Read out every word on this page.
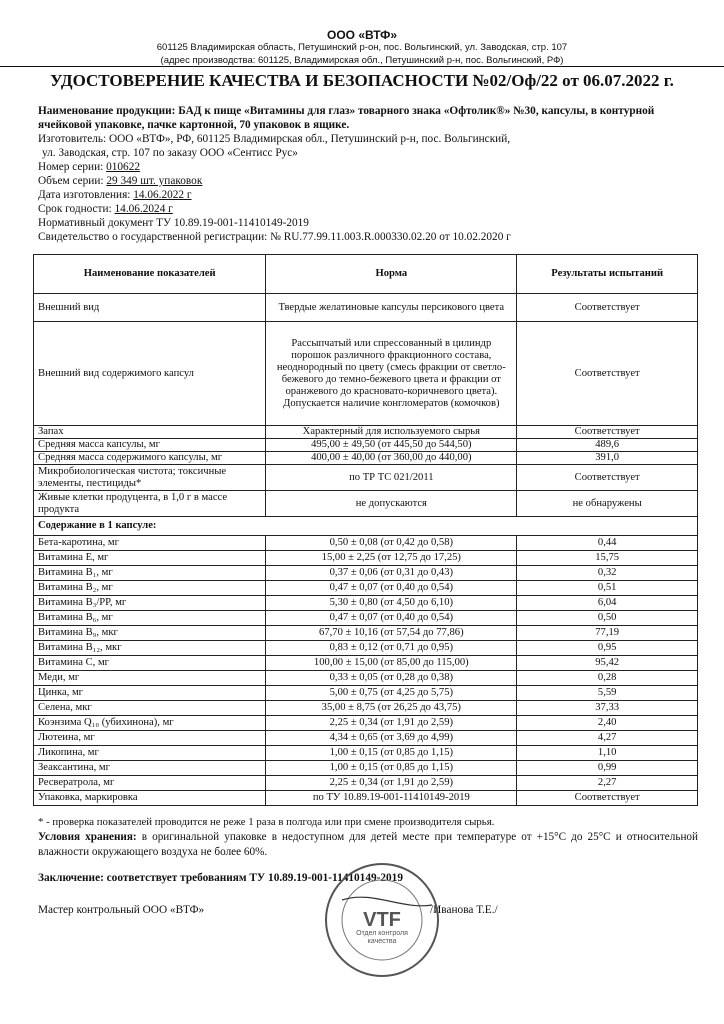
ООО «ВТФ»
601125 Владимирская область, Петушинский р-он, пос. Вольгинский, ул. Заводская, стр. 107
(адрес производства: 601125, Владимирская обл., Петушинский р-н, пос. Вольгинский, РФ)
УДОСТОВЕРЕНИЕ КАЧЕСТВА И БЕЗОПАСНОСТИ №02/Оф/22 от 06.07.2022 г.

Наименование продукции: БАД к пище «Витамины для глаз» товарного знака «Офтолик®» №30, капсулы, в контурной ячейковой упаковке, пачке картонной, 70 упаковок в ящике.

Изготовитель: ООО «ВТФ», РФ, 601125 Владимирская обл., Петушинский р-н, пос. Вольгинский,

ул. Заводская, стр. 107 по заказу ООО «Сентисс Рус»

Номер серии: 010622

Объем серии: 29 349 шт. упаковок

Дата изготовления: 14.06.2022 г

Срок годности: 14.06.2024 г

Нормативный документ ТУ 10.89.19-001-11410149-2019

Свидетельство о государственной регистрации: № RU.77.99.11.003.R.000330.02.20 от 10.02.2020 г

Наименование показателей	Норма	Результаты испытаний
Внешний вид	Твердые желатиновые капсулы персикового цвета	Соответствует
Внешний вид содержимого капсул	Рассыпчатый или спрессованный в цилиндр порошок различного фракционного состава, неоднородный по цвету (смесь фракции от светло-бежевого до темно-бежевого цвета и фракции от оранжевого до красновато-коричневого цвета). Допускается наличие конгломератов (комочков)	Соответствует
Запах	Характерный для используемого сырья	Соответствует
Средняя масса капсулы, мг	495,00 ± 49,50 (от 445,50 до 544,50)	489,6
Средняя масса содержимого капсулы, мг	400,00 ± 40,00 (от 360,00 до 440,00)	391,0
Микробиологическая чистота; токсичные элементы, пестициды*	по ТР ТС 021/2011	Соответствует
Живые клетки продуцента, в 1,0 г в массе продукта	не допускаются	не обнаружены
Содержание в 1 капсуле:		
Бета-каротина, мг	0,50 ± 0,08 (от 0,42 до 0,58)	0,44
Витамина E, мг	15,00 ± 2,25 (от 12,75 до 17,25)	15,75
Витамина B₁, мг	0,37 ± 0,06 (от 0,31 до 0,43)	0,32
Витамина B₂, мг	0,47 ± 0,07 (от 0,40 до 0,54)	0,51
Витамина B₃/PP, мг	5,30 ± 0,80 (от 4,50 до 6,10)	6,04
Витамина B₆, мг	0,47 ± 0,07 (от 0,40 до 0,54)	0,50
Витамина B₉, мкг	67,70 ± 10,16 (от 57,54 до 77,86)	77,19
Витамина B₁₂, мкг	0,83 ± 0,12 (от 0,71 до 0,95)	0,95
Витамина C, мг	100,00 ± 15,00 (от 85,00 до 115,00)	95,42
Меди, мг	0,33 ± 0,05 (от 0,28 до 0,38)	0,28
Цинка, мг	5,00 ± 0,75 (от 4,25 до 5,75)	5,59
Селена, мкг	35,00 ± 8,75 (от 26,25 до 43,75)	37,33
Коэнзима Q₁₀ (убихинона), мг	2,25 ± 0,34 (от 1,91 до 2,59)	2,40
Лютеина, мг	4,34 ± 0,65 (от 3,69 до 4,99)	4,27
Ликопина, мг	1,00 ± 0,15 (от 0,85 до 1,15)	1,10
Зеаксантина, мг	1,00 ± 0,15 (от 0,85 до 1,15)	0,99
Ресвератрола, мг	2,25 ± 0,34 (от 1,91 до 2,59)	2,27
Упаковка, маркировка	по ТУ 10.89.19-001-11410149-2019	Соответствует
* - проверка показателей проводится не реже 1 раза в полгода или при смене производителя сырья.
Условия хранения: в оригинальной упаковке в недоступном для детей месте при температуре от +15°С до 25°С и относительной влажности окружающего воздуха не более 60%.
Заключение: соответствует требованиям ТУ 10.89.19-001-11410149-2019
Мастер контрольный ООО «ВТФ»	/Иванова Т.Е./
VTF
Отдел контроля качества
